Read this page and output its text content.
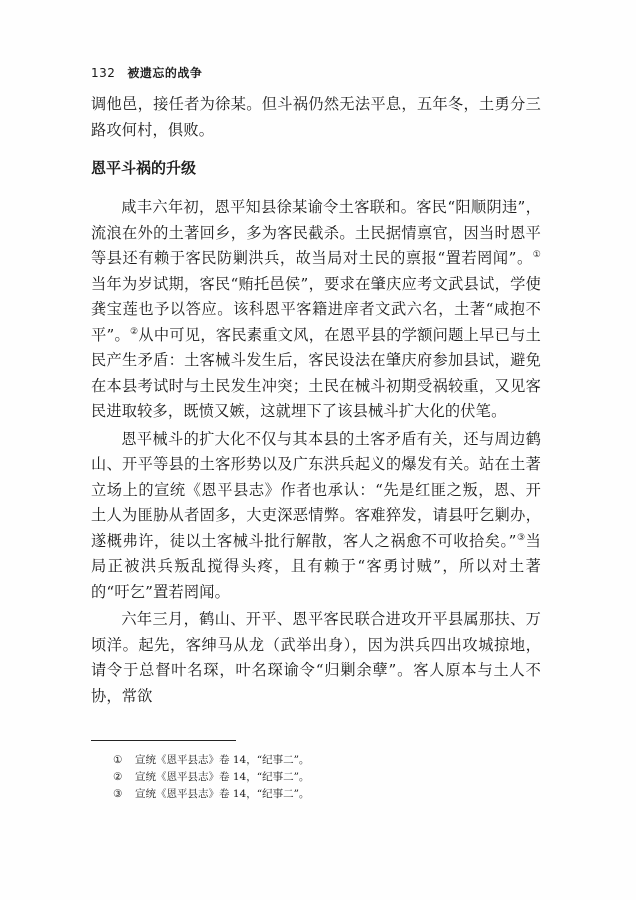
132 被遗忘的战争

调他邑，接任者为徐某。但斗祸仍然无法平息，五年冬，土勇分三路攻何村，俱败。

恩平斗祸的升级

咸丰六年初，恩平知县徐某谕令土客联和。客民“阳顺阴违”，流浪在外的土著回乡，多为客民截杀。土民据情禀官，因当时恩平等县还有赖于客民防剿洪兵，故当局对土民的禀报“置若罔闻”。①当年为岁试期，客民“贿托邑侯”，要求在肇庆应考文武县试，学使龚宝莲也予以答应。该科恩平客籍进庠者文武六名，土著“咸抱不平”。②从中可见，客民素重文风，在恩平县的学额问题上早已与土民产生矛盾：土客械斗发生后，客民设法在肇庆府参加县试，避免在本县考试时与土民发生冲突；土民在械斗初期受祸较重，又见客民进取较多，既愤又嫉，这就埋下了该县械斗扩大化的伏笔。

恩平械斗的扩大化不仅与其本县的土客矛盾有关，还与周边鹤山、开平等县的土客形势以及广东洪兵起义的爆发有关。站在土著立场上的宣统《恩平县志》作者也承认：“先是红匪之叛，恩、开土人为匪胁从者固多，大吏深恶情弊。客难猝发，请县吁乞剿办，遂概弗许，徒以土客械斗批行解散，客人之祸愈不可收拾矣。”③当局正被洪兵叛乱搅得头疼，且有赖于“客勇讨贼”，所以对土著的“吁乞”置若罔闻。

六年三月，鹤山、开平、恩平客民联合进攻开平县属那扶、万顷洋。起先，客绅马从龙（武举出身），因为洪兵四出攻城掠地，请令于总督叶名琛，叶名琛谕令“归剿余孽”。客人原本与土人不协，常欲

① 宣统《恩平县志》卷 14，“纪事二”。
② 宣统《恩平县志》卷 14，“纪事二”。
③ 宣统《恩平县志》卷 14，“纪事二”。
